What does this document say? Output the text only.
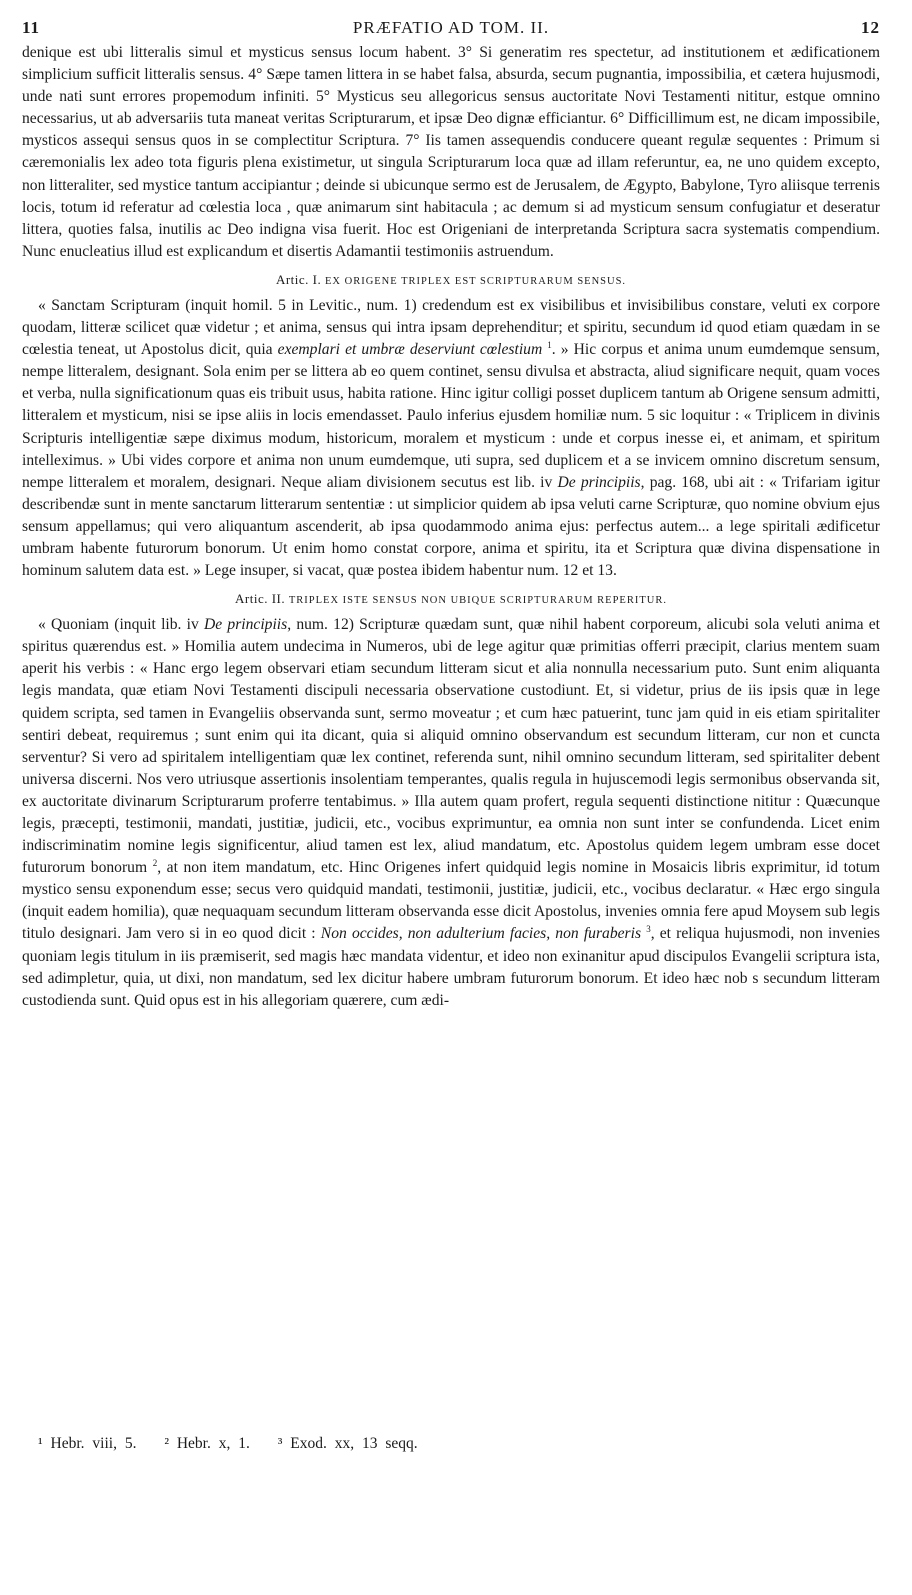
11	PRÆFATIO AD TOM. II.	12

denique est ubi litteralis simul et mysticus sensus locum habent. 3° Si generatim res spectetur, ad institutionem et ædificationem simplicium sufficit litteralis sensus. 4° Sæpe tamen littera in se habet falsa, absurda, secum pugnantia, impossibilia, et cætera hujusmodi, unde nati sunt errores propemodum infiniti. 5° Mysticus seu allegoricus sensus auctoritate Novi Testamenti nititur, estque omnino necessarius, ut ab adversariis tuta maneat veritas Scripturarum, et ipsæ Deo dignæ efficiantur. 6° Difficillimum est, ne dicam impossibile, mysticos assequi sensus quos in se complectitur Scriptura. 7° Iis tamen assequendis conducere queant regulæ sequentes : Primum si cæremonialis lex adeo tota figuris plena existimetur, ut singula Scripturarum loca quæ ad illam referuntur, ea, ne uno quidem excepto, non litteraliter, sed mystice tantum accipiantur ; deinde si ubicunque sermo est de Jerusalem, de Ægypto, Babylone, Tyro aliisque terrenis locis, totum id referatur ad cœlestia loca , quæ animarum sint habitacula ; ac demum si ad mysticum sensum confugiatur et deseratur littera, quoties falsa, inutilis ac Deo indigna visa fuerit. Hoc est Origeniani de interpretanda Scriptura sacra systematis compendium. Nunc enucleatius illud est explicandum et disertis Adamantii testimoniis astruendum.

Artic. I. EX ORIGENE TRIPLEX EST SCRIPTURARUM SENSUS.

« Sanctam Scripturam (inquit homil. 5 in Levitic., num. 1) credendum est ex visibilibus et invisibilibus constare, veluti ex corpore quodam, litteræ scilicet quæ videtur ; et anima, sensus qui intra ipsam deprehenditur; et spiritu, secundum id quod etiam quædam in se cœlestia teneat, ut Apostolus dicit, quia exemplari et umbræ deserviunt cœlestium $^1$. » Hic corpus et anima unum eumdemque sensum, nempe litteralem, designant. Sola enim per se littera ab eo quem continet, sensu divulsa et abstracta, aliud significare nequit, quam voces et verba, nulla significationum quas eis tribuit usus, habita ratione. Hinc igitur colligi posset duplicem tantum ab Origene sensum admitti, litteralem et mysticum, nisi se ipse aliis in locis emendasset. Paulo inferius ejusdem homiliæ num. 5 sic loquitur : « Triplicem in divinis Scripturis intelligentiæ sæpe diximus modum, historicum, moralem et mysticum : unde et corpus inesse ei, et animam, et spiritum intelleximus. » Ubi vides corpore et anima non unum eumdemque, uti supra, sed duplicem et a se invicem omnino discretum sensum, nempe litteralem et moralem, designari. Neque aliam divisionem secutus est lib. iv De principiis, pag. 168, ubi ait : « Trifariam igitur describendæ sunt in mente sanctarum litterarum sententiæ : ut simplicior quidem ab ipsa veluti carne Scripturæ, quo nomine obvium ejus sensum appellamus; qui vero aliquantum ascenderit, ab ipsa quodammodo anima ejus: perfectus autem... a lege spiritali ædificetur umbram habente futurorum bonorum. Ut enim homo constat corpore, anima et spiritu, ita et Scriptura quæ divina dispensatione in hominum salutem data est. » Lege insuper, si vacat, quæ postea ibidem habentur num. 12 et 13.

Artic. II. TRIPLEX ISTE SENSUS NON UBIQUE SCRIPTURARUM REPERITUR.

« Quoniam (inquit lib. iv De principiis, num. 12) Scripturæ quædam sunt, quæ nihil habent corporeum, alicubi sola veluti anima et spiritus quærendus est. » Homilia autem undecima in Numeros, ubi de lege agitur quæ primitias offerri præcipit, clarius mentem suam aperit his verbis : « Hanc ergo legem observari etiam secundum litteram sicut et alia nonnulla necessarium puto. Sunt enim aliquanta legis mandata, quæ etiam Novi Testamenti discipuli necessaria observatione custodiunt. Et, si videtur, prius de iis ipsis quæ in lege quidem scripta, sed tamen in Evangeliis observanda sunt, sermo moveatur ; et cum hæc patuerint, tunc jam quid in eis etiam spiritaliter sentiri debeat, requiremus ; sunt enim qui ita dicant, quia si aliquid omnino observandum est secundum litteram, cur non et cuncta serventur? Si vero ad spiritalem intelligentiam quæ lex continet, referenda sunt, nihil omnino secundum litteram, sed spiritaliter debent universa discerni. Nos vero utriusque assertionis insolentiam temperantes, qualis regula in hujuscemodi legis sermonibus observanda sit, ex auctoritate divinarum Scripturarum proferre tentabimus. » Illa autem quam profert, regula sequenti distinctione nititur : Quæcunque legis, præcepti, testimonii, mandati, justitiæ, judicii, etc., vocibus exprimuntur, ea omnia non sunt inter se confundenda. Licet enim indiscriminatim nomine legis significentur, aliud tamen est lex, aliud mandatum, etc. Apostolus quidem legem umbram esse docet futurorum bonorum $^2$, at non item mandatum, etc. Hinc Origenes infert quidquid legis nomine in Mosaicis libris exprimitur, id totum mystico sensu exponendum esse; secus vero quidquid mandati, testimonii, justitiæ, judicii, etc., vocibus declaratur. « Hæc ergo singula (inquit eadem homilia), quæ nequaquam secundum litteram observanda esse dicit Apostolus, invenies omnia fere apud Moysem sub legis titulo designari. Jam vero si in eo quod dicit : Non occides, non adulterium facies, non furaberis $^3$, et reliqua hujusmodi, non invenies quoniam legis titulum in iis præmiserit, sed magis hæc mandata videntur, et ideo non exinanitur apud discipulos Evangelii scriptura ista, sed adimpletur, quia, ut dixi, non mandatum, sed lex dicitur habere umbram futurorum bonorum. Et ideo hæc nob s secundum litteram custodienda sunt. Quid opus est in his allegoriam quærere, cum ædi-

¹ Hebr. viii, 5. ² Hebr. x, 1. ³ Exod. xx, 13 seqq.
